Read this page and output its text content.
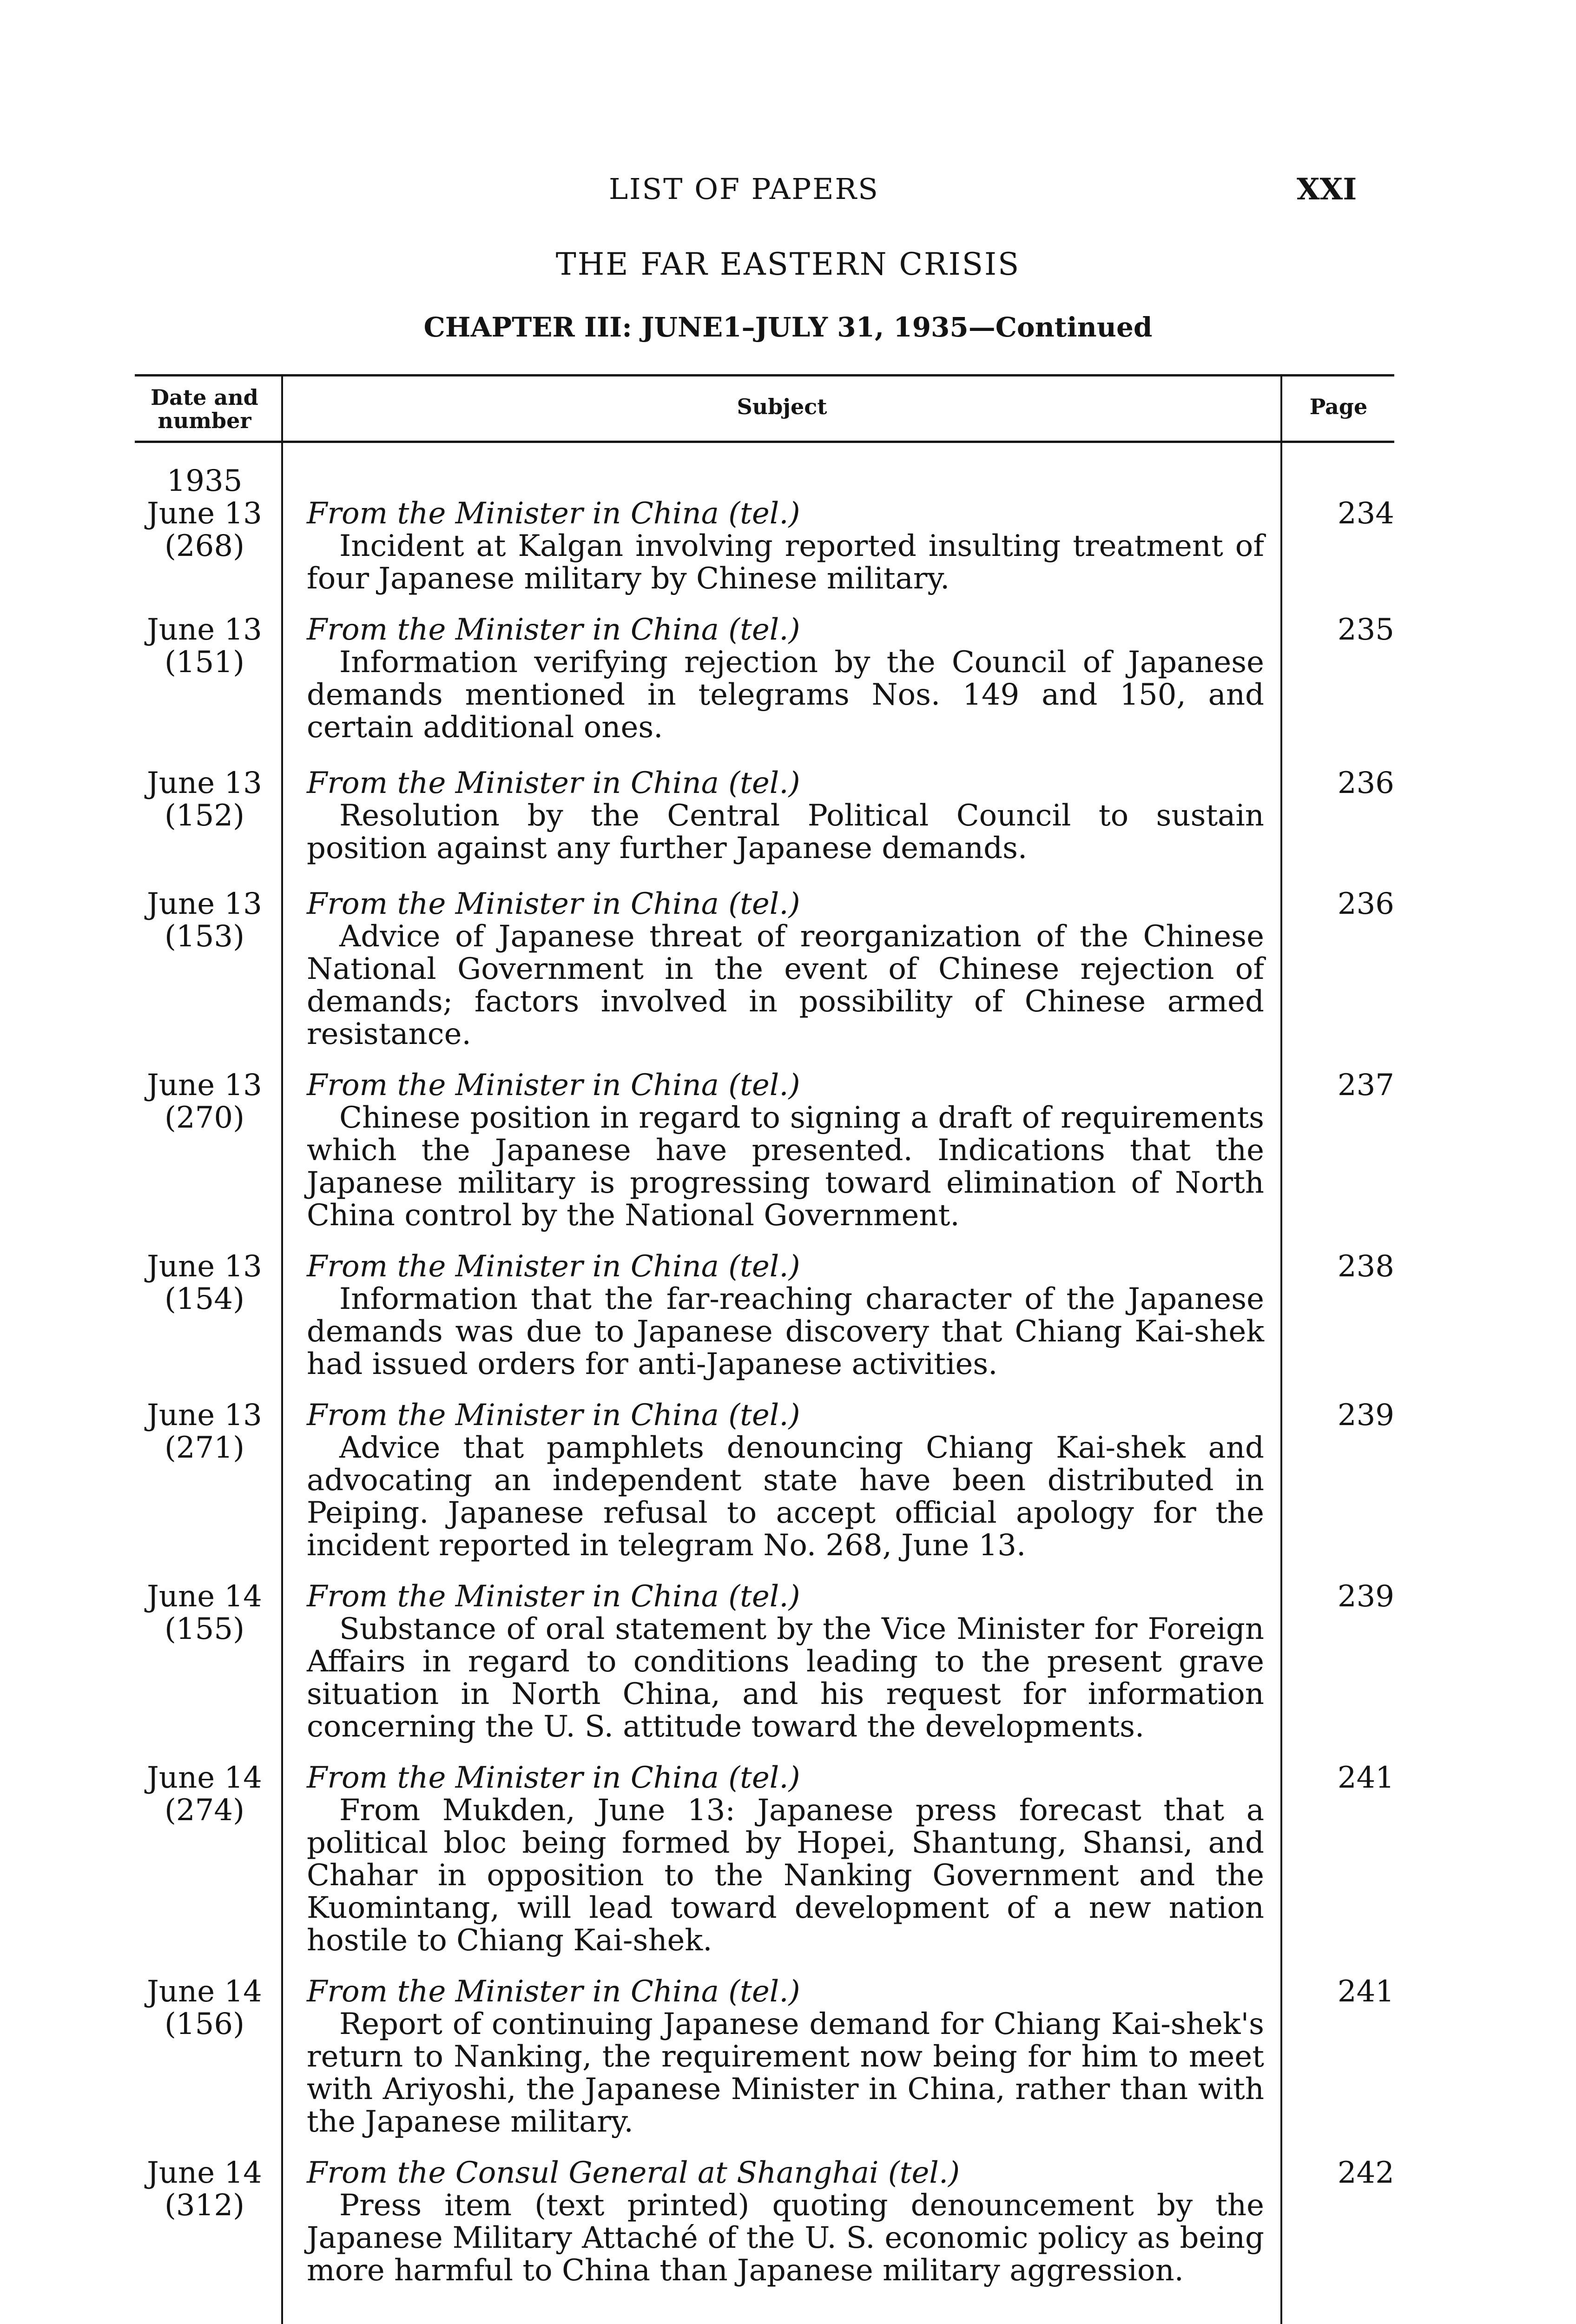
LIST OF PAPERS	XXI
THE FAR EASTERN CRISIS
CHAPTER III: JUNE1–JULY 31, 1935—Continued
Date and number
Subject	Page
1935
June 13
(268)
From the Minister in China (tel.)
Incident at Kalgan involving reported insulting treatment of four Japanese military by Chinese military.
234
June 13
(151)
From the Minister in China (tel.)
Information verifying rejection by the Council of Japanese demands mentioned in telegrams Nos. 149 and 150, and certain additional ones.
235
June 13
(152)
From the Minister in China (tel.)
Resolution by the Central Political Council to sustain position against any further Japanese demands.
236
June 13
(153)
From the Minister in China (tel.)
Advice of Japanese threat of reorganization of the Chinese National Government in the event of Chinese rejection of demands; factors involved in possibility of Chinese armed resistance.
236
June 13
(270)
From the Minister in China (tel.)
Chinese position in regard to signing a draft of requirements which the Japanese have presented. Indications that the Japanese military is progressing toward elimination of North China control by the National Government.
237
June 13
(154)
From the Minister in China (tel.)
Information that the far-reaching character of the Japanese demands was due to Japanese discovery that Chiang Kai-shek had issued orders for anti-Japanese activities.
238
June 13
(271)
From the Minister in China (tel.)
Advice that pamphlets denouncing Chiang Kai-shek and advocating an independent state have been distributed in Peiping. Japanese refusal to accept official apology for the incident reported in telegram No. 268, June 13.
239
June 14
(155)
From the Minister in China (tel.)
Substance of oral statement by the Vice Minister for Foreign Affairs in regard to conditions leading to the present grave situation in North China, and his request for information concerning the U. S. attitude toward the developments.
239
June 14
(274)
From the Minister in China (tel.)
From Mukden, June 13: Japanese press forecast that a political bloc being formed by Hopei, Shantung, Shansi, and Chahar in opposition to the Nanking Government and the Kuomintang, will lead toward development of a new nation hostile to Chiang Kai-shek.
241
June 14
(156)
From the Minister in China (tel.)
Report of continuing Japanese demand for Chiang Kai-shek's return to Nanking, the requirement now being for him to meet with Ariyoshi, the Japanese Minister in China, rather than with the Japanese military.
241
June 14
(312)
From the Consul General at Shanghai (tel.)
Press item (text printed) quoting denouncement by the Japanese Military Attaché of the U. S. economic policy as being more harmful to China than Japanese military aggression.
242
